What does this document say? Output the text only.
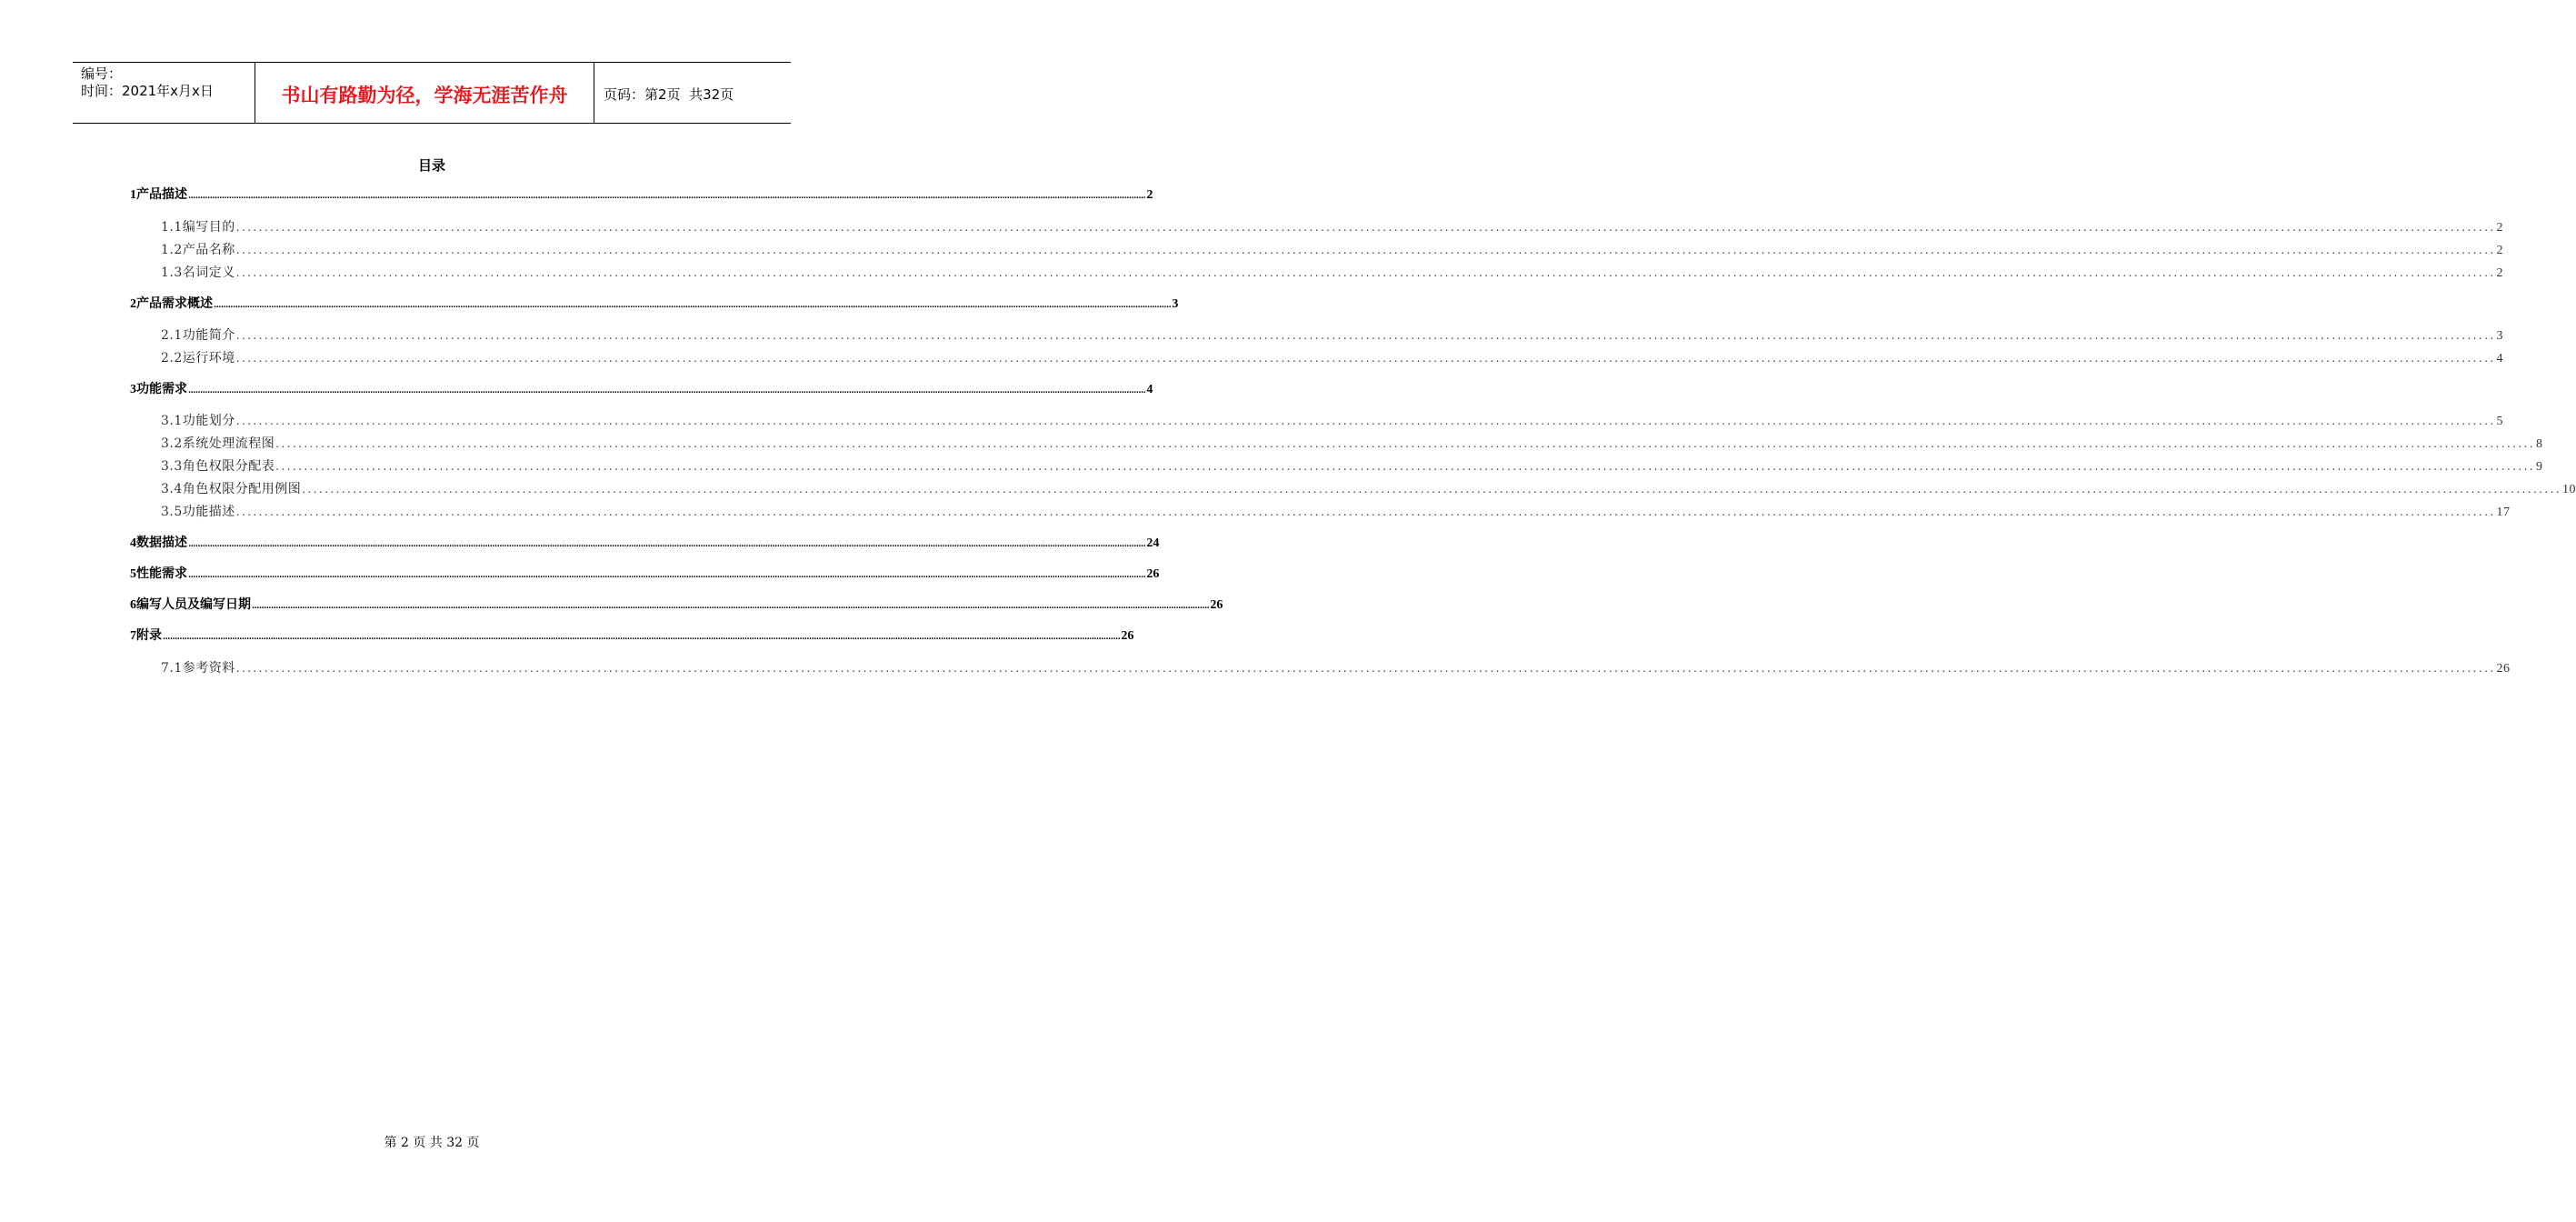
编号：
时间：2021年x月x日	书山有路勤为径，学海无涯苦作舟	页码：第2页  共32页
目录
1 产品描述 ................................................................................................................................................................................................................................................................................................................................................................................................................ 2
1.1 编写目的 ................................................................................................................................................................................................................................................................................................................................................................................................................ 2
1.2 产品名称 ................................................................................................................................................................................................................................................................................................................................................................................................................ 2
1.3 名词定义 ................................................................................................................................................................................................................................................................................................................................................................................................................ 2
2 产品需求概述 ................................................................................................................................................................................................................................................................................................................................................................................................................ 3
2.1 功能简介 ................................................................................................................................................................................................................................................................................................................................................................................................................ 3
2.2 运行环境 ................................................................................................................................................................................................................................................................................................................................................................................................................ 4
3 功能需求 ................................................................................................................................................................................................................................................................................................................................................................................................................ 4
3.1 功能划分 ................................................................................................................................................................................................................................................................................................................................................................................................................ 5
3.2 系统处理流程图 ................................................................................................................................................................................................................................................................................................................................................................................................................ 8
3.3 角色权限分配表 ................................................................................................................................................................................................................................................................................................................................................................................................................ 9
3.4 角色权限分配用例图 ................................................................................................................................................................................................................................................................................................................................................................................................................ 10
3.5 功能描述 ................................................................................................................................................................................................................................................................................................................................................................................................................ 17
4 数据描述 ................................................................................................................................................................................................................................................................................................................................................................................................................ 24
5 性能需求 ................................................................................................................................................................................................................................................................................................................................................................................................................ 26
6 编写人员及编写日期 ................................................................................................................................................................................................................................................................................................................................................................................................................ 26
7 附录 ................................................................................................................................................................................................................................................................................................................................................................................................................ 26
7.1 参考资料 ................................................................................................................................................................................................................................................................................................................................................................................................................ 26
第 2 页 共 32 页
